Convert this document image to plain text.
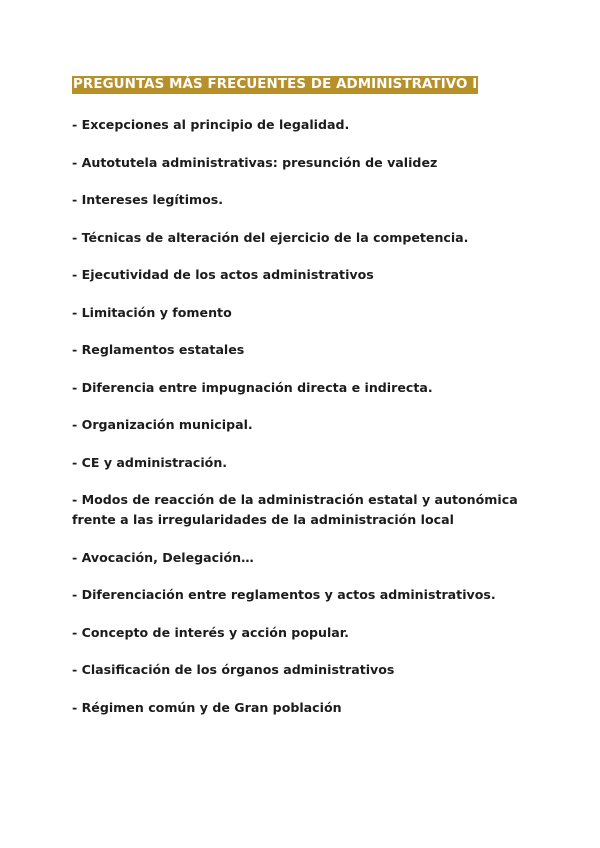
PREGUNTAS MÁS FRECUENTES DE ADMINISTRATIVO I
- Excepciones al principio de legalidad.
- Autotutela administrativas: presunción de validez
- Intereses legítimos.
- Técnicas de alteración del ejercicio de la competencia.
- Ejecutividad de los actos administrativos
- Limitación y fomento
- Reglamentos estatales
- Diferencia entre impugnación directa e indirecta.
- Organización municipal.
- CE y administración.
- Modos de reacción de la administración estatal y autonómica frente a las irregularidades de la administración local
- Avocación, Delegación…
- Diferenciación entre reglamentos y actos administrativos.
- Concepto de interés y acción popular.
- Clasificación de los órganos administrativos
- Régimen común y de Gran población
